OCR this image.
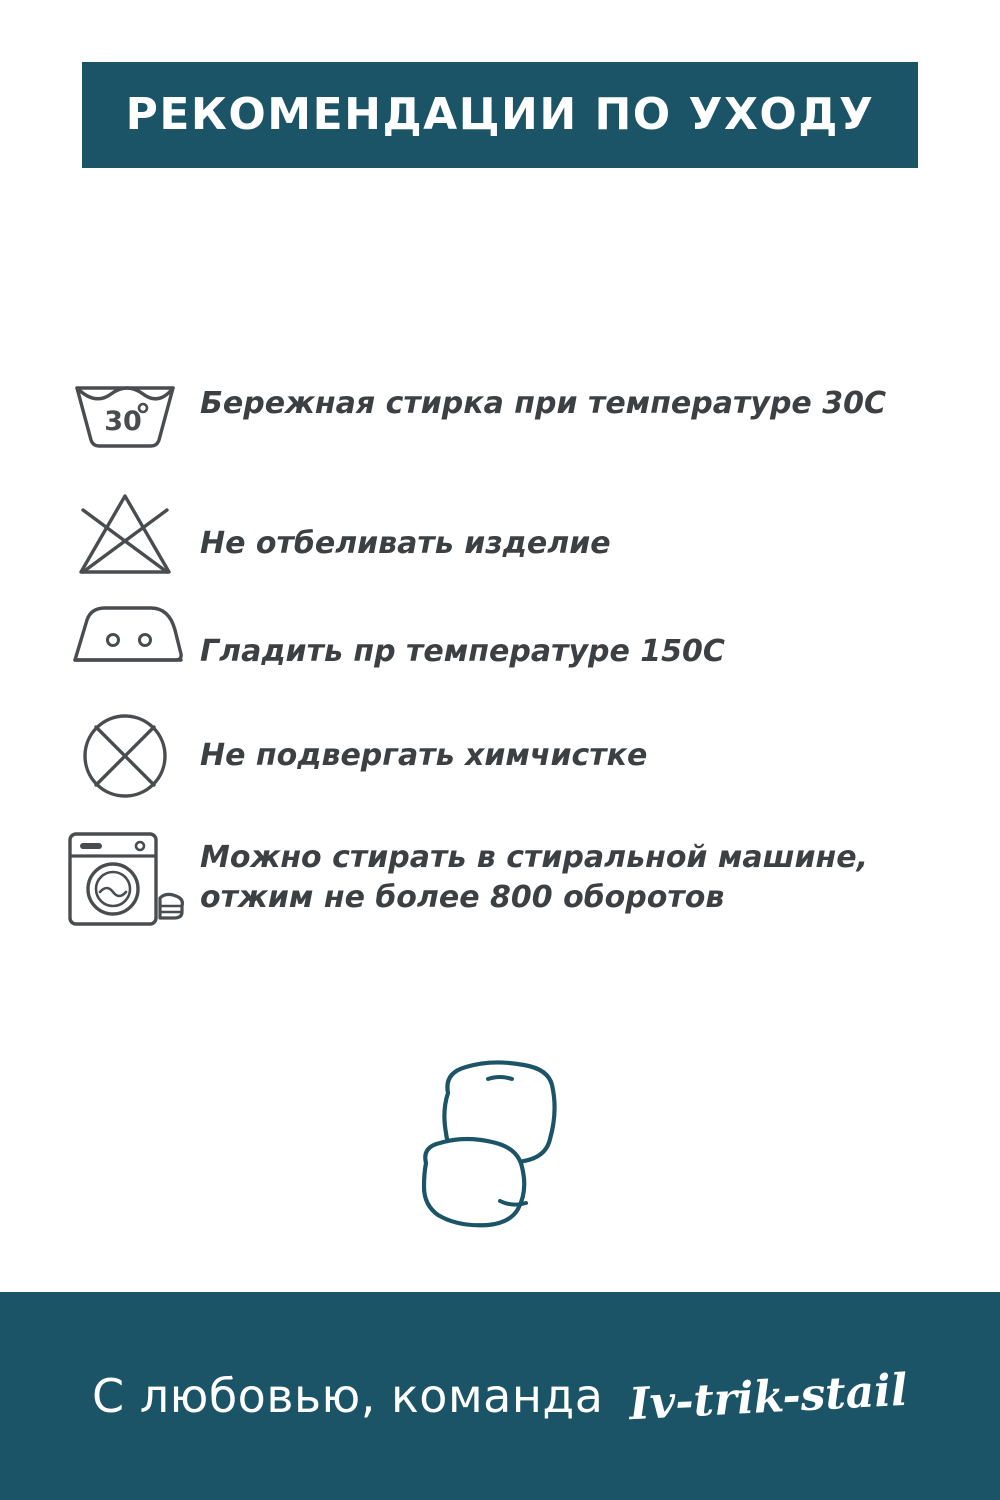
РЕКОМЕНДАЦИИ ПО УХОДУ
30
Бережная стирка при температуре 30С
Не отбеливать изделие
Гладить пр температуре 150С
Не подвергать химчистке
Можно стирать в стиральной машине, отжим не более 800 оборотов
С любовью, команда Iv-trik-stail
